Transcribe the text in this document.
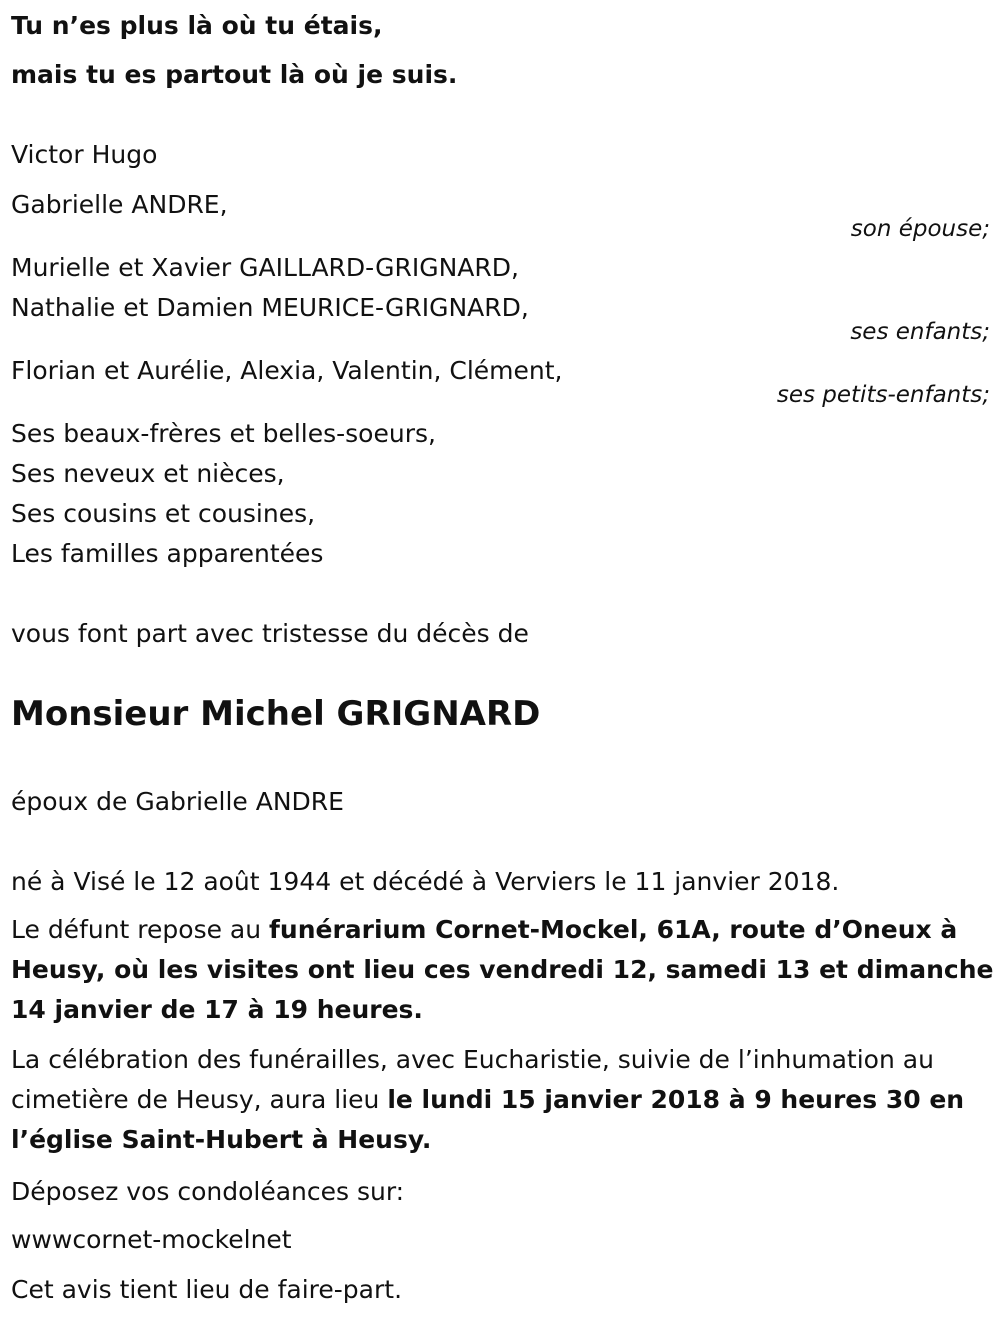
Tu n’es plus là où tu étais,
mais tu es partout là où je suis.
Victor Hugo
Gabrielle ANDRE,
son épouse;
Murielle et Xavier GAILLARD-GRIGNARD,
Nathalie et Damien MEURICE-GRIGNARD,
ses enfants;
Florian et Aurélie, Alexia, Valentin, Clément,
ses petits-enfants;
Ses beaux-frères et belles-soeurs,
Ses neveux et nièces,
Ses cousins et cousines,
Les familles apparentées
vous font part avec tristesse du décès de
Monsieur Michel GRIGNARD
époux de Gabrielle ANDRE
né à Visé le 12 août 1944 et décédé à Verviers le 11 janvier 2018.
Le défunt repose au funérarium Cornet-Mockel, 61A, route d’Oneux à Heusy, où les visites ont lieu ces vendredi 12, samedi 13 et dimanche 14 janvier de 17 à 19 heures.
La célébration des funérailles, avec Eucharistie, suivie de l’inhumation au cimetière de Heusy, aura lieu le lundi 15 janvier 2018 à 9 heures 30 en l’église Saint-Hubert à Heusy.
Déposez vos condoléances sur:
wwwcornet-mockelnet
Cet avis tient lieu de faire-part.
